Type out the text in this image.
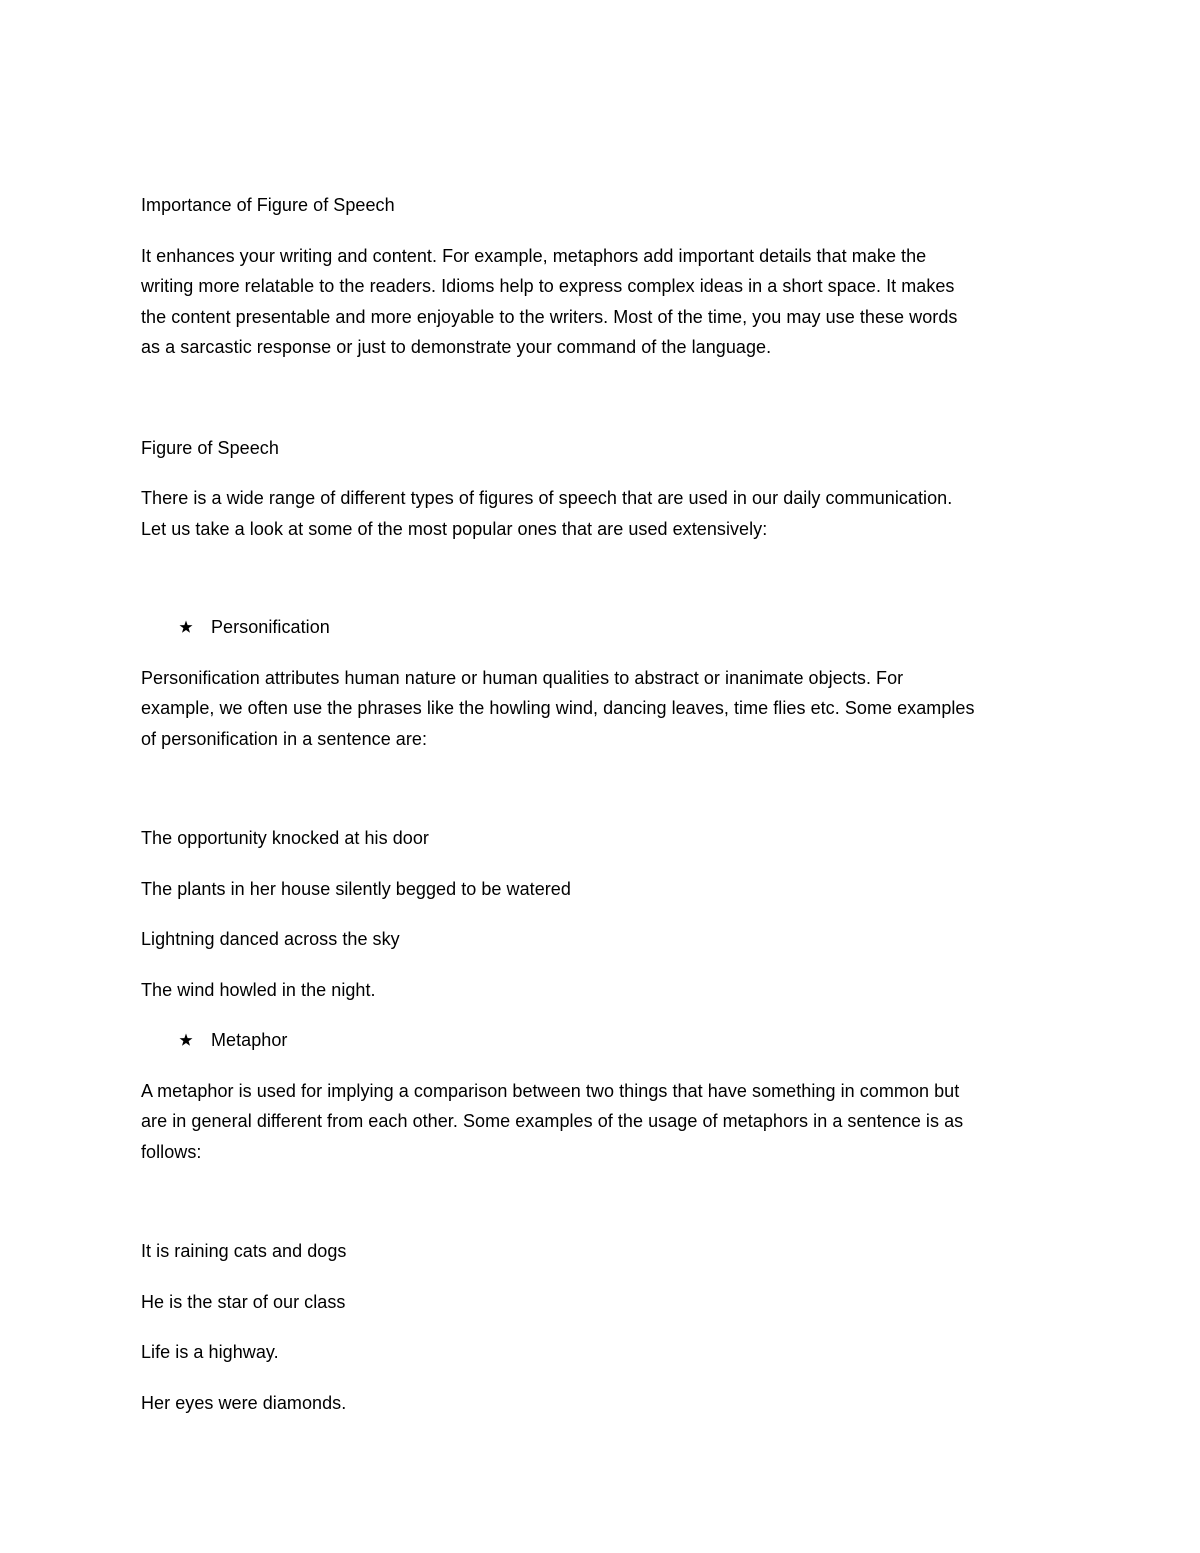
Importance of Figure of Speech

It enhances your writing and content. For example, metaphors add important details that make the

writing more relatable to the readers. Idioms help to express complex ideas in a short space. It makes

the content presentable and more enjoyable to the writers. Most of the time, you may use these words

as a sarcastic response or just to demonstrate your command of the language.

Figure of Speech

There is a wide range of different types of figures of speech that are used in our daily communication.

Let us take a look at some of the most popular ones that are used extensively:

Personification

Personification attributes human nature or human qualities to abstract or inanimate objects. For

example, we often use the phrases like the howling wind, dancing leaves, time flies etc. Some examples

of personification in a sentence are:

The opportunity knocked at his door

The plants in her house silently begged to be watered

Lightning danced across the sky

The wind howled in the night.

Metaphor

A metaphor is used for implying a comparison between two things that have something in common but

are in general different from each other. Some examples of the usage of metaphors in a sentence is as

follows:

It is raining cats and dogs

He is the star of our class

Life is a highway.

Her eyes were diamonds.
